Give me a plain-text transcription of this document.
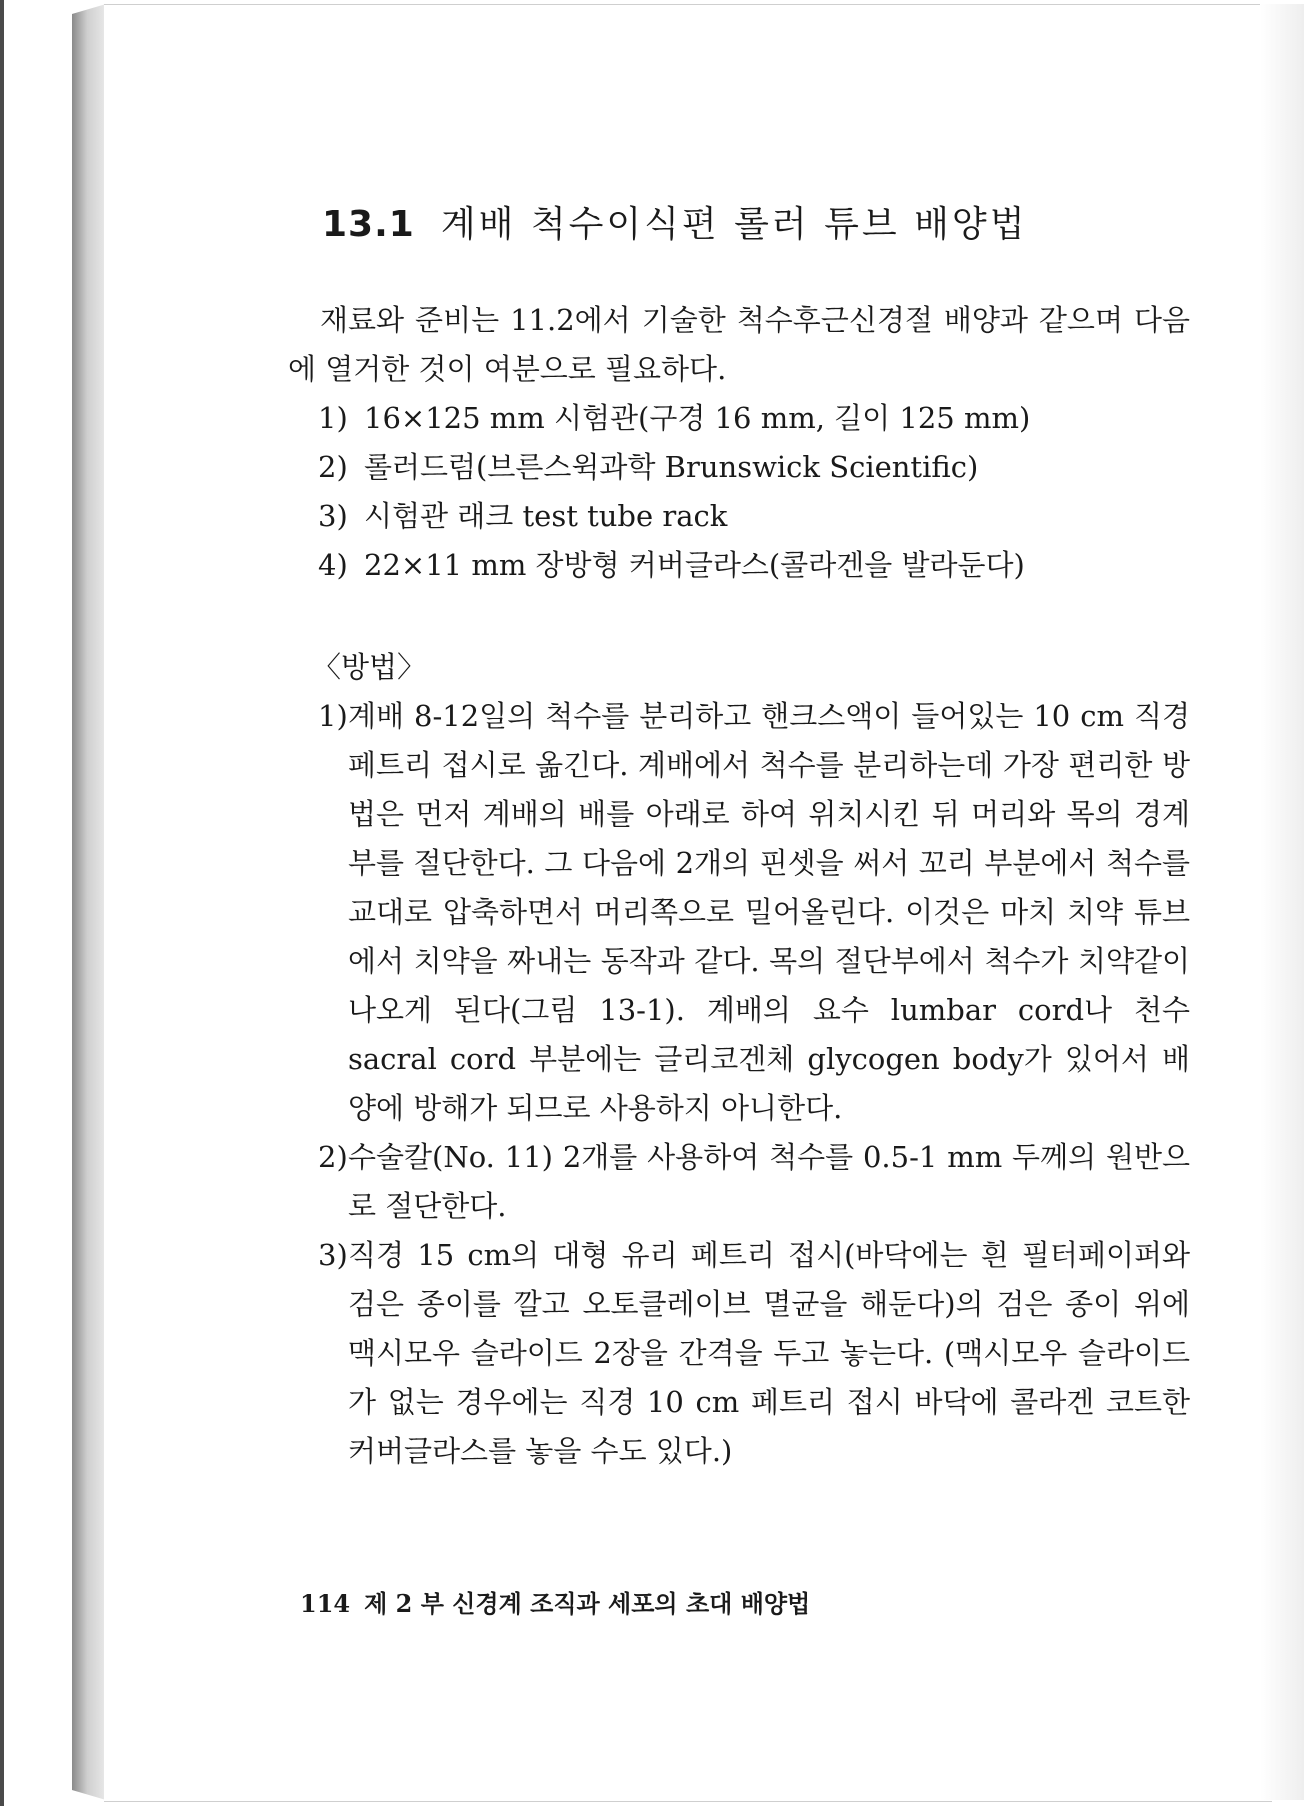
13.1 계배 척수이식편 롤러 튜브 배양법
재료와 준비는 11.2에서 기술한 척수후근신경절 배양과 같으며 다음에 열거한 것이 여분으로 필요하다.
1) 16×125 mm 시험관(구경 16 mm, 길이 125 mm)
2) 롤러드럼(브른스윅과학 Brunswick Scientific)
3) 시험관 래크 test tube rack
4) 22×11 mm 장방형 커버글라스(콜라겐을 발라둔다)
〈방법〉
1) 계배 8-12일의 척수를 분리하고 핸크스액이 들어있는 10 cm 직경 페트리 접시로 옮긴다. 계배에서 척수를 분리하는데 가장 편리한 방법은 먼저 계배의 배를 아래로 하여 위치시킨 뒤 머리와 목의 경계부를 절단한다. 그 다음에 2개의 핀셋을 써서 꼬리 부분에서 척수를 교대로 압축하면서 머리쪽으로 밀어올린다. 이것은 마치 치약 튜브에서 치약을 짜내는 동작과 같다. 목의 절단부에서 척수가 치약같이 나오게 된다(그림 13-1). 계배의 요수 lumbar cord나 천수 sacral cord 부분에는 글리코겐체 glycogen body가 있어서 배양에 방해가 되므로 사용하지 아니한다.
2) 수술칼(No. 11) 2개를 사용하여 척수를 0.5-1 mm 두께의 원반으로 절단한다.
3) 직경 15 cm의 대형 유리 페트리 접시(바닥에는 흰 필터페이퍼와 검은 종이를 깔고 오토클레이브 멸균을 해둔다)의 검은 종이 위에 맥시모우 슬라이드 2장을 간격을 두고 놓는다. (맥시모우 슬라이드가 없는 경우에는 직경 10 cm 페트리 접시 바닥에 콜라겐 코트한 커버글라스를 놓을 수도 있다.)
114 제 2 부 신경계 조직과 세포의 초대 배양법
